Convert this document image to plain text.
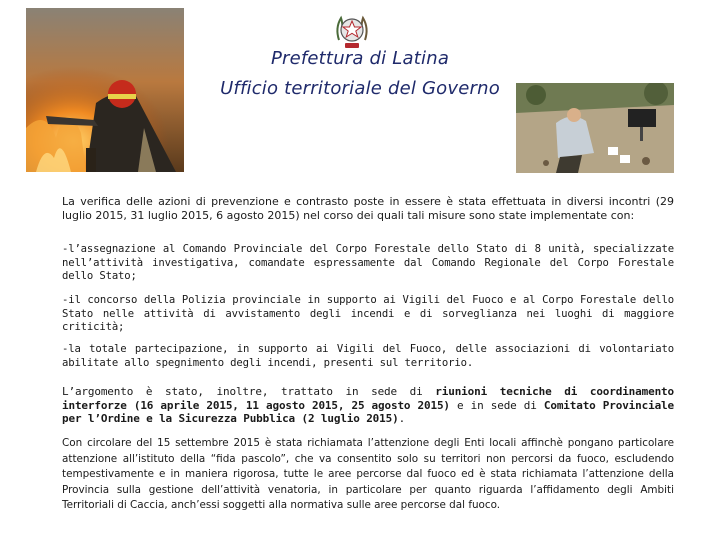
Prefettura di Latina
Ufficio territoriale del Governo
La verifica delle azioni di prevenzione e contrasto poste in essere è stata effettuata in diversi incontri (29 luglio 2015, 31 luglio 2015, 6 agosto 2015) nel corso dei quali tali misure sono state implementate con:
-l’assegnazione al Comando Provinciale del Corpo Forestale dello Stato di 8 unità, specializzate nell’attività investigativa, comandate espressamente dal Comando Regionale del Corpo Forestale dello Stato;
-il concorso della Polizia provinciale in supporto ai Vigili del Fuoco e al Corpo Forestale dello Stato nelle attività di avvistamento degli incendi e di sorveglianza nei luoghi di maggiore criticità;
-la totale partecipazione, in supporto ai Vigili del Fuoco, delle associazioni di volontariato abilitate allo spegnimento degli incendi, presenti sul territorio.
L’argomento è stato, inoltre, trattato in sede di riunioni tecniche di coordinamento interforze (16 aprile 2015, 11 agosto 2015, 25 agosto 2015) e in sede di Comitato Provinciale per l’Ordine e la Sicurezza Pubblica (2 luglio 2015).
Con circolare del 15 settembre 2015 è stata richiamata l’attenzione degli Enti locali affinchè pongano particolare attenzione all’istituto della “fida pascolo”, che va consentito solo su territori non percorsi da fuoco, escludendo tempestivamente e in maniera rigorosa, tutte le aree percorse dal fuoco ed è stata richiamata l’attenzione della Provincia sulla gestione dell’attività venatoria, in particolare per quanto riguarda l’affidamento degli Ambiti Territoriali di Caccia, anch’essi soggetti alla normativa sulle aree percorse dal fuoco.
